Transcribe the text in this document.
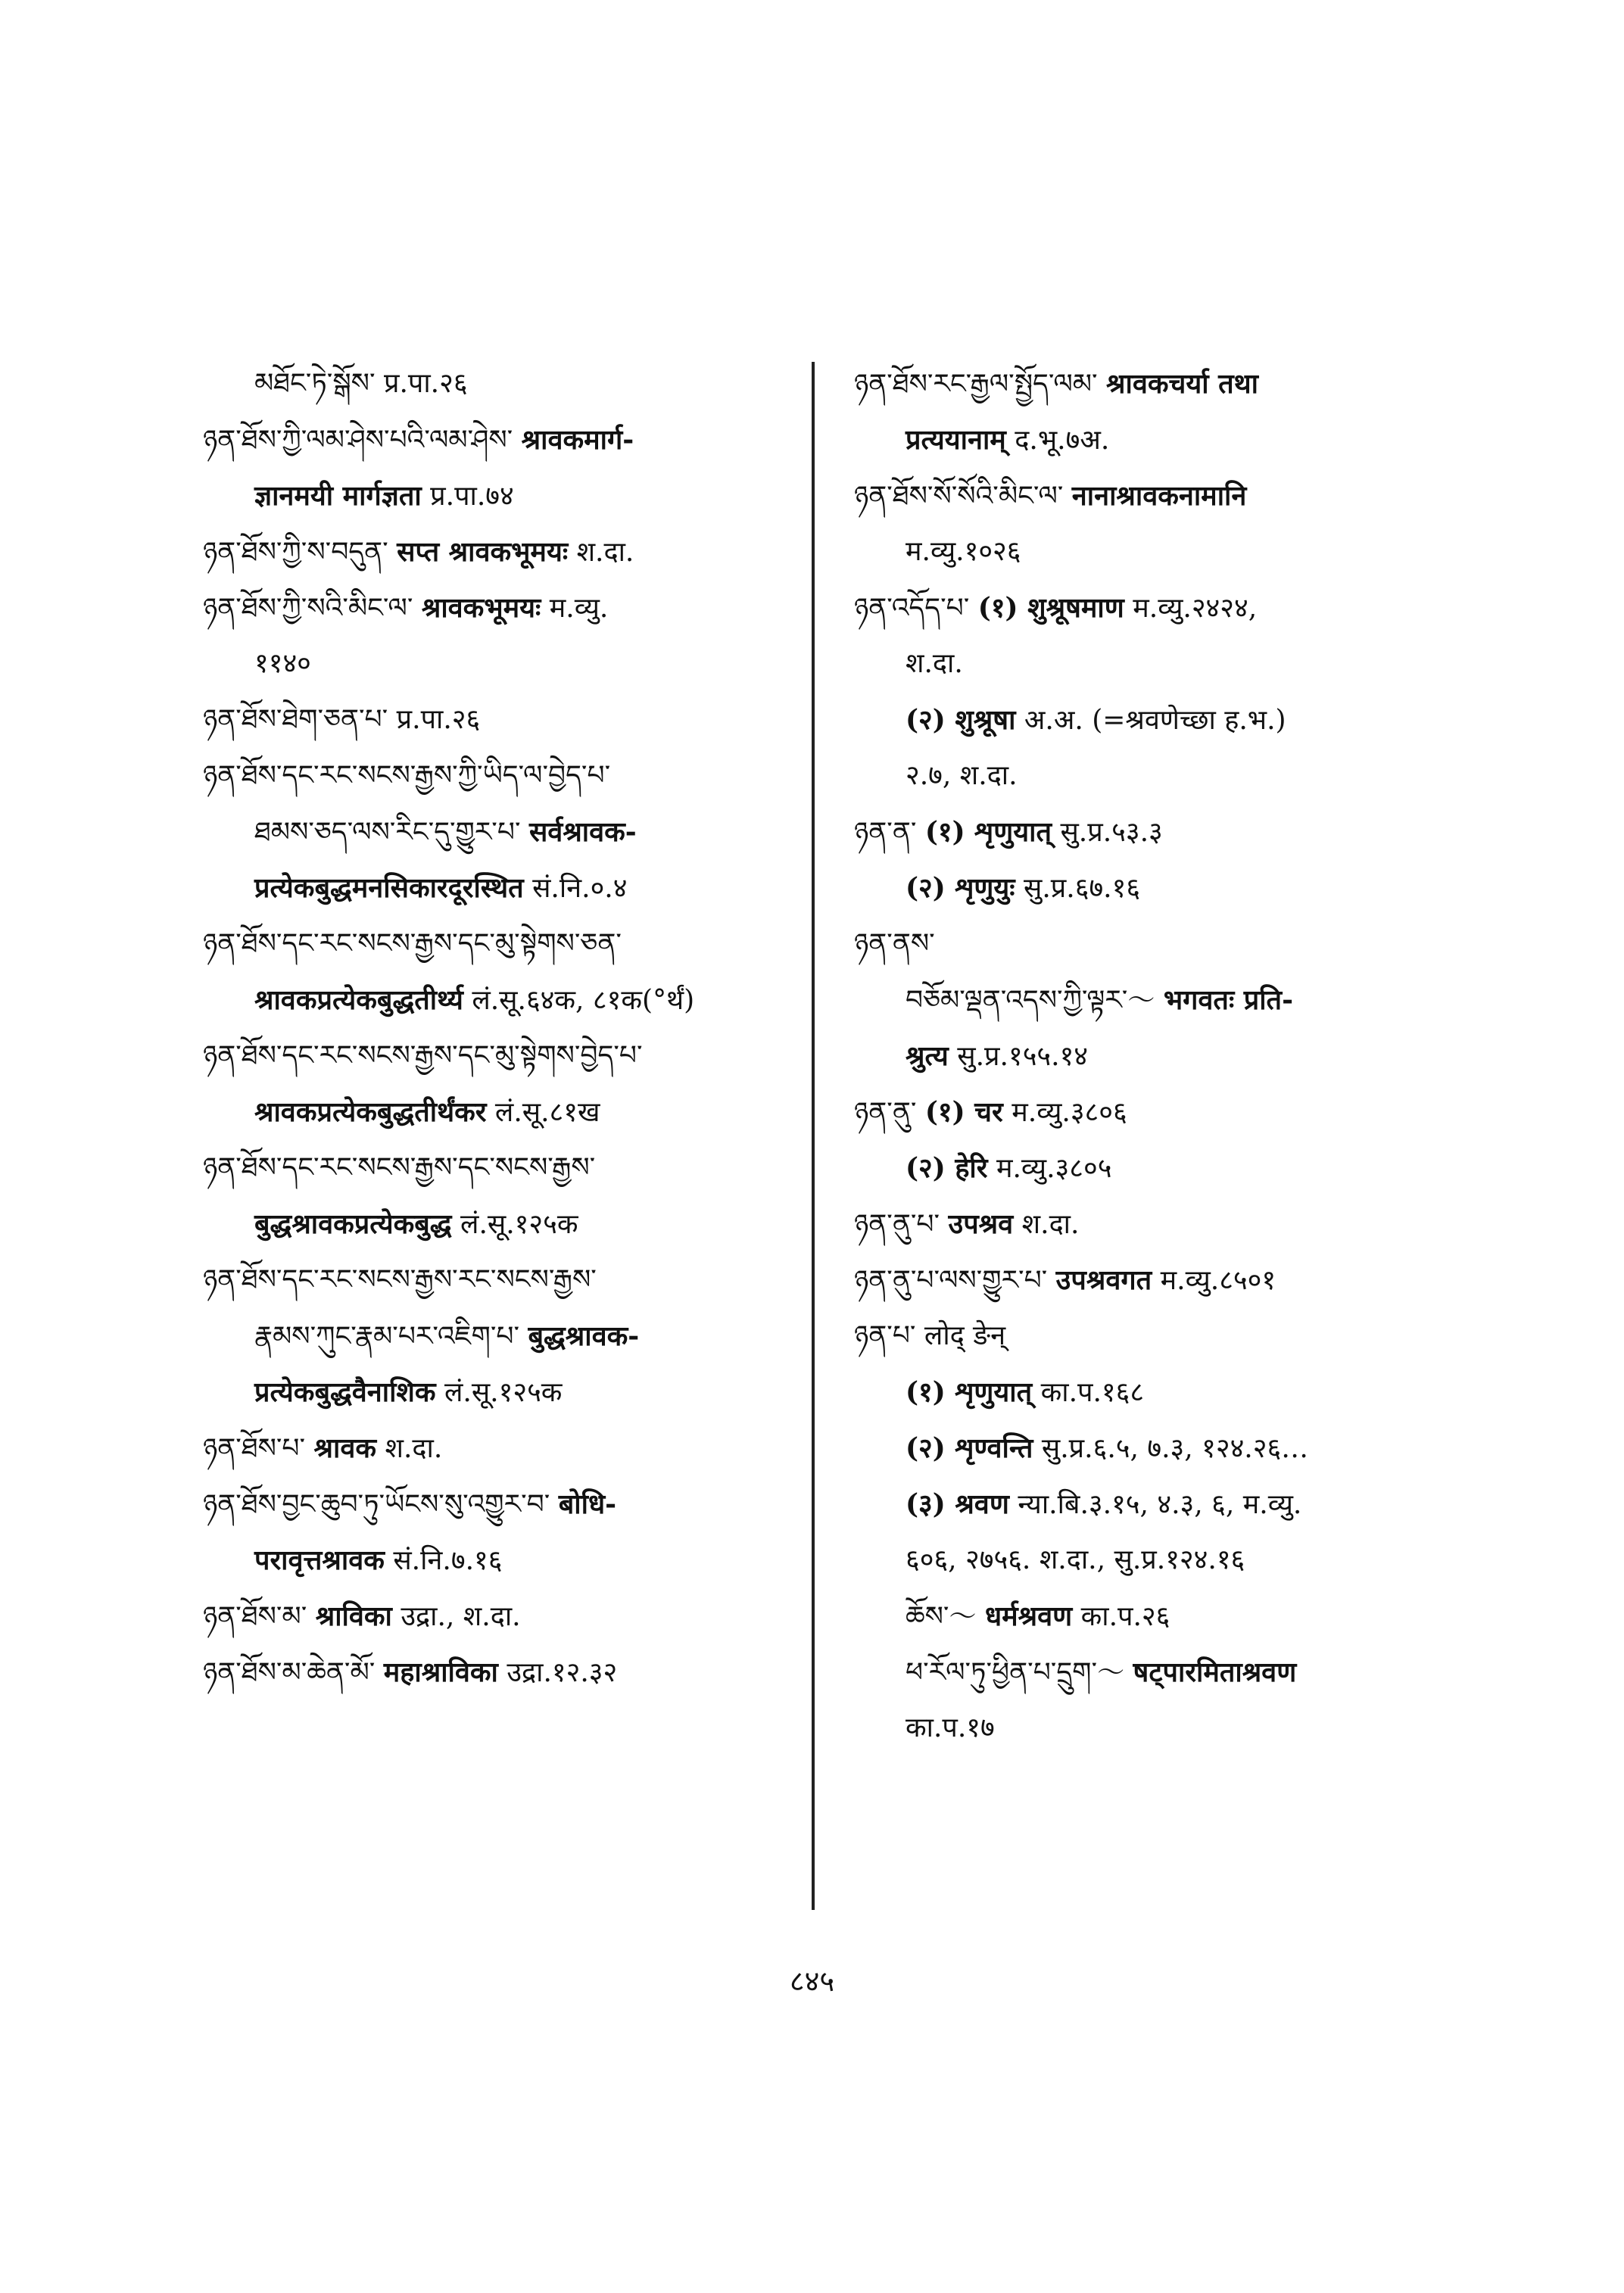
མཐོང་ཏེ་སྒོས་ प्र.पा.२६
ཉན་ཐོས་ཀྱི་ལམ་ཤེས་པའི་ལམ་ཤེས་ श्रावकमार्ग-
ज्ञानमयी मार्गज्ञता प्र.पा.७४
ཉན་ཐོས་ཀྱི་ས་བདུན་ सप्त श्रावकभूमयः श.दा.
ཉན་ཐོས་ཀྱི་སའི་མིང་ལ་ श्रावकभूमयः म.व्यु.
११४०
ཉན་ཐོས་ཐེག་ཅན་པ་ प्र.पा.२६
ཉན་ཐོས་དང་རང་སངས་རྒྱས་ཀྱི་ཡིད་ལ་བྱེད་པ་
ཐམས་ཅད་ལས་རིང་དུ་གྱུར་པ་ सर्वश्रावक-
प्रत्येकबुद्धमनसिकारदूरस्थित सं.नि.०.४
ཉན་ཐོས་དང་རང་སངས་རྒྱས་དང་མུ་སྟེགས་ཅན་
श्रावकप्रत्येकबुद्धतीर्थ्य लं.सू.६४क, ८१क(°र्थं)
ཉན་ཐོས་དང་རང་སངས་རྒྱས་དང་མུ་སྟེགས་བྱེད་པ་
श्रावकप्रत्येकबुद्धतीर्थंकर लं.सू.८१ख
ཉན་ཐོས་དང་རང་སངས་རྒྱས་དང་སངས་རྒྱས་
बुद्धश्रावकप्रत्येकबुद्ध लं.सू.१२५क
ཉན་ཐོས་དང་རང་སངས་རྒྱས་རང་སངས་རྒྱས་
རྣམས་ཀུང་རྣམ་པར་འཇིག་པ་ बुद्धश्रावक-
प्रत्येकबुद्धवैनाशिक लं.सू.१२५क
ཉན་ཐོས་པ་ श्रावक श.दा.
ཉན་ཐོས་བྱང་ཆུབ་ཏུ་ཡོངས་སུ་འགྱུར་བ་ बोधि-
परावृत्तश्रावक सं.नि.७.१६
ཉན་ཐོས་མ་ श्राविका उद्रा., श.दा.
ཉན་ཐོས་མ་ཆེན་མོ་ महाश्राविका उद्रा.१२.३२
ཉན་ཐོས་རང་རྒྱལ་སྤྱོད་ལམ་ श्रावकचर्या तथा
प्रत्ययानाम् द.भू.७अ.
ཉན་ཐོས་སོ་སོའི་མིང་ལ་ नानाश्रावकनामानि
म.व्यु.१०२६
ཉན་འདོད་པ་ (१) शुश्रूषमाण म.व्यु.२४२४,
श.दा.
(२) शुश्रूषा अ.अ. (=श्रवणेच्छा ह.भ.)
२.७, श.दा.
ཉན་ན་ (१) शृणुयात् सु.प्र.५३.३
(२) शृणुयुः सु.प्र.६७.१६
ཉན་ནས་
བཅོམ་ལྡན་འདས་ཀྱི་ལྟར་～ भगवतः प्रति-
श्रुत्य सु.प्र.१५५.१४
ཉན་ནུ་ (१) चर म.व्यु.३८०६
(२) हेरि म.व्यु.३८०५
ཉན་ནུ་པ་ उपश्रव श.दा.
ཉན་ནུ་པ་ལས་གྱུར་པ་ उपश्रवगत म.व्यु.८५०१
ཉན་པ་ लोद् ङेन्
(१) शृणुयात् का.प.१६८
(२) शृण्वन्ति सु.प्र.६.५, ७.३, १२४.२६…
(३) श्रवण न्या.बि.३.१५, ४.३, ६, म.व्यु.
६०६, २७५६. श.दा., सु.प्र.१२४.१६
ཆོས་～ धर्मश्रवण का.प.२६
ཕ་རོལ་ཏུ་ཕྱིན་པ་དྲུག་～ षट्पारमिताश्रवण
का.प.१७
८४५
